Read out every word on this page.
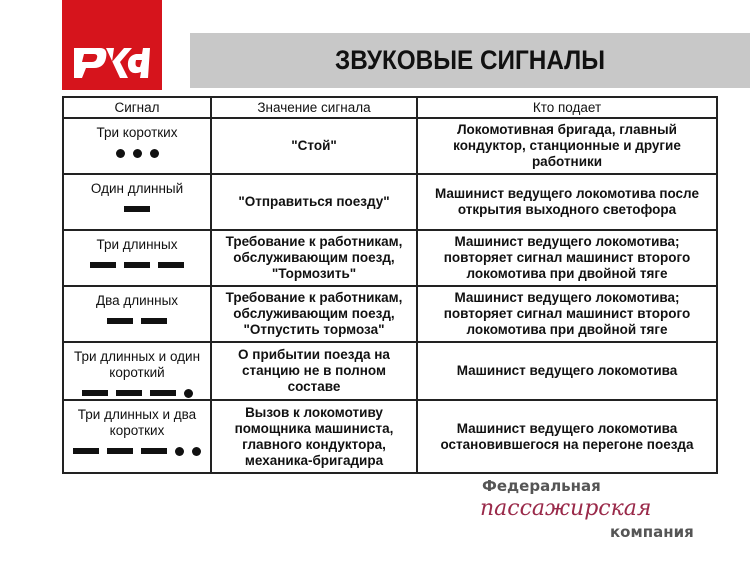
ЗВУКОВЫЕ СИГНАЛЫ
Сигнал	Значение сигнала	Кто подает

Три коротких	"Стой"	Локомотивная бригада, главный кондуктор, станционные и другие работники

Один длинный	"Отправиться поезду"	Машинист ведущего локомотива после открытия выходного светофора

Три длинных	Требование к работникам, обслуживающим поезд, "Тормозить"	Машинист ведущего локомотива; повторяет сигнал машинист второго локомотива при двойной тяге

Два длинных	Требование к работникам, обслуживающим поезд, "Отпустить тормоза"	Машинист ведущего локомотива; повторяет сигнал машинист второго локомотива при двойной тяге

Три длинных и один короткий	О прибытии поезда на станцию не в полном составе	Машинист ведущего локомотива

Три длинных и два коротких	Вызов к локомотиву помощника машиниста, главного кондуктора, механика-бригадира	Машинист ведущего локомотива остановившегося на перегоне поезда
Федеральная
пассажирская
компания
